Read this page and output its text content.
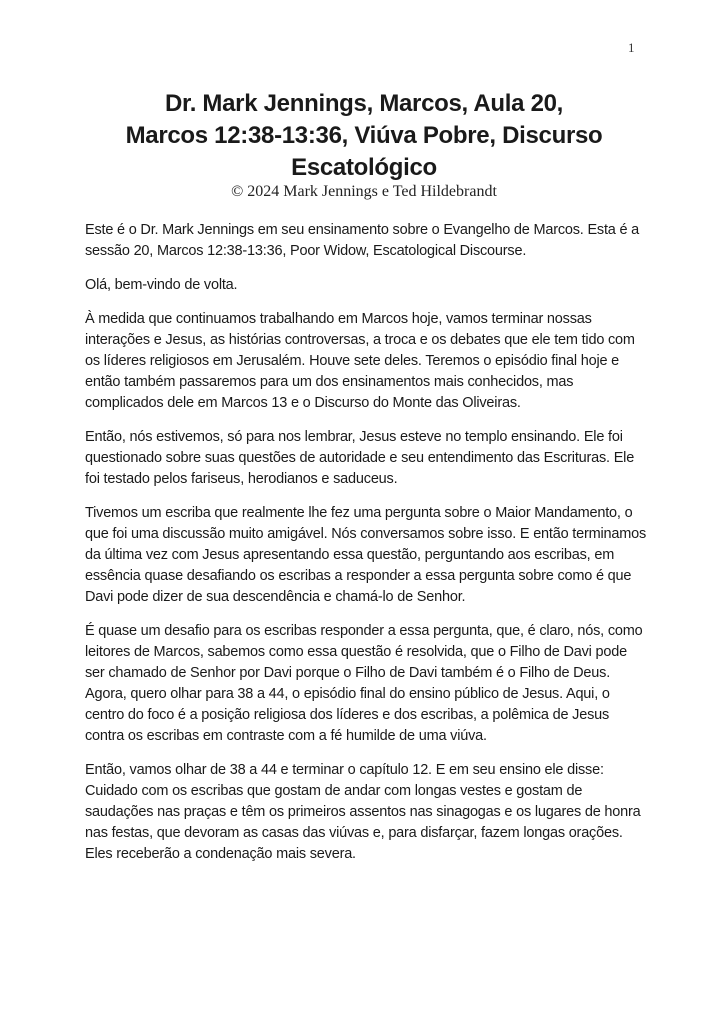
1
Dr. Mark Jennings, Marcos, Aula 20,
Marcos 12:38-13:36, Viúva Pobre, Discurso
Escatológico
© 2024 Mark Jennings e Ted Hildebrandt

Este é o Dr. Mark Jennings em seu ensinamento sobre o Evangelho de Marcos. Esta é a sessão 20, Marcos 12:38-13:36, Poor Widow, Escatological Discourse.

Olá, bem-vindo de volta.

À medida que continuamos trabalhando em Marcos hoje, vamos terminar nossas interações e Jesus, as histórias controversas, a troca e os debates que ele tem tido com os líderes religiosos em Jerusalém. Houve sete deles. Teremos o episódio final hoje e então também passaremos para um dos ensinamentos mais conhecidos, mas complicados dele em Marcos 13 e o Discurso do Monte das Oliveiras.

Então, nós estivemos, só para nos lembrar, Jesus esteve no templo ensinando. Ele foi questionado sobre suas questões de autoridade e seu entendimento das Escrituras. Ele foi testado pelos fariseus, herodianos e saduceus.

Tivemos um escriba que realmente lhe fez uma pergunta sobre o Maior Mandamento, o que foi uma discussão muito amigável. Nós conversamos sobre isso. E então terminamos da última vez com Jesus apresentando essa questão, perguntando aos escribas, em essência quase desafiando os escribas a responder a essa pergunta sobre como é que Davi pode dizer de sua descendência e chamá-lo de Senhor.

É quase um desafio para os escribas responder a essa pergunta, que, é claro, nós, como leitores de Marcos, sabemos como essa questão é resolvida, que o Filho de Davi pode ser chamado de Senhor por Davi porque o Filho de Davi também é o Filho de Deus. Agora, quero olhar para 38 a 44, o episódio final do ensino público de Jesus. Aqui, o centro do foco é a posição religiosa dos líderes e dos escribas, a polêmica de Jesus contra os escribas em contraste com a fé humilde de uma viúva.

Então, vamos olhar de 38 a 44 e terminar o capítulo 12. E em seu ensino ele disse: Cuidado com os escribas que gostam de andar com longas vestes e gostam de saudações nas praças e têm os primeiros assentos nas sinagogas e os lugares de honra nas festas, que devoram as casas das viúvas e, para disfarçar, fazem longas orações. Eles receberão a condenação mais severa.
